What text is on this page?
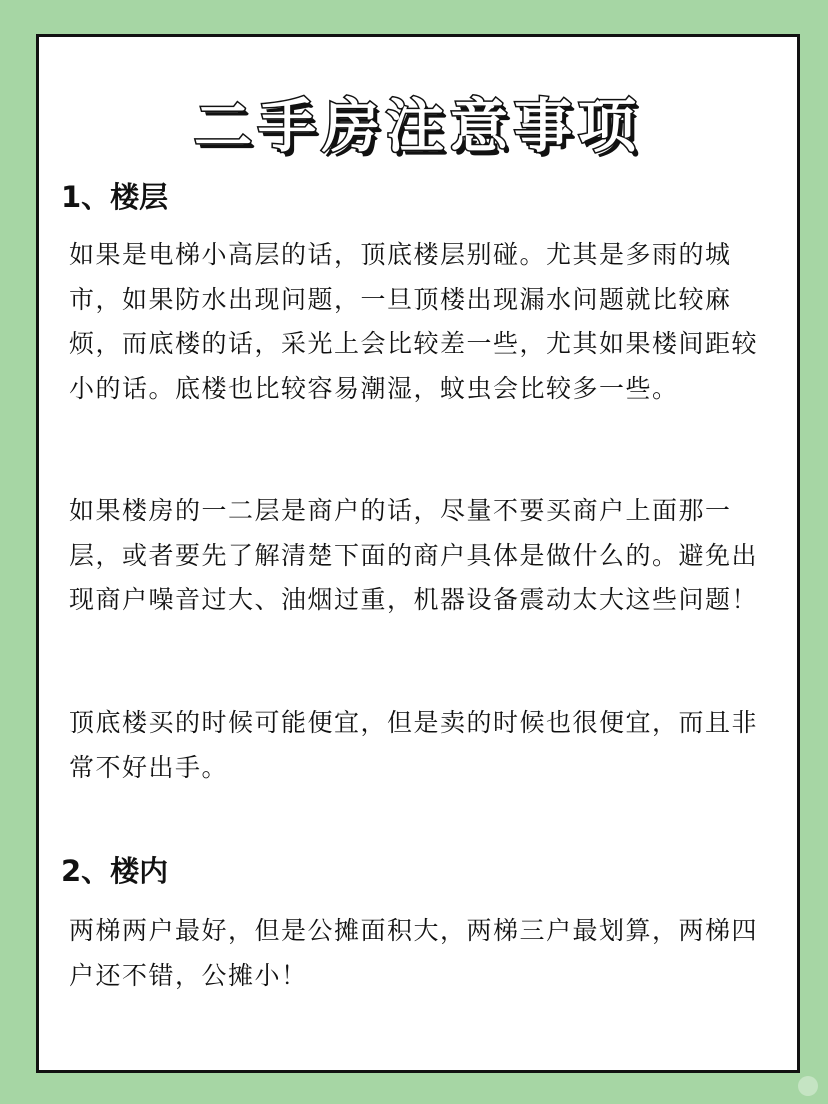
二手房注意事项
1、楼层

如果是电梯小高层的话，顶底楼层别碰。尤其是多雨的城市，如果防水出现问题，一旦顶楼出现漏水问题就比较麻烦，而底楼的话，采光上会比较差一些，尤其如果楼间距较小的话。底楼也比较容易潮湿，蚊虫会比较多一些。

如果楼房的一二层是商户的话，尽量不要买商户上面那一层，或者要先了解清楚下面的商户具体是做什么的。避免出现商户噪音过大、油烟过重，机器设备震动太大这些问题！

顶底楼买的时候可能便宜，但是卖的时候也很便宜，而且非常不好出手。

2、楼内

两梯两户最好，但是公摊面积大，两梯三户最划算，两梯四户还不错，公摊小！
